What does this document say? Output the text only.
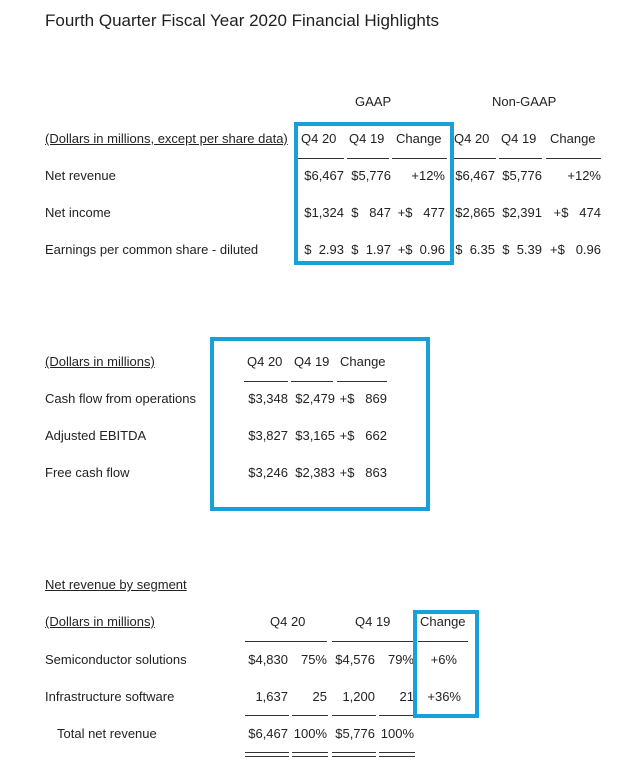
Fourth Quarter Fiscal Year 2020 Financial Highlights
GAAP	Non-GAAP
(Dollars in millions, except per share data) Q4 20 Q4 19 Change Q4 20 Q4 19 Change
Net revenue	$6,467 $5,776	+12% $6,467 $5,776	+12%
Net income	$1,324 $   847 +$   477 $2,865 $2,391 +$   474
Earnings per common share - diluted	$  2.93 $  1.97 +$  0.96 $  6.35 $  5.39 +$   0.96
(Dollars in millions)	Q4 20 Q4 19 Change
Cash flow from operations	$3,348 $2,479 +$   869
Adjusted EBITDA	$3,827 $3,165 +$   662
Free cash flow	$3,246 $2,383 +$   863
Net revenue by segment
(Dollars in millions)	Q4 20	Q4 19 Change
Semiconductor solutions	$4,830 75% $4,576 79%	+6%
Infrastructure software	1,637	25	1,200	21	+36%
Total net revenue	$6,467 100% $5,776 100%
